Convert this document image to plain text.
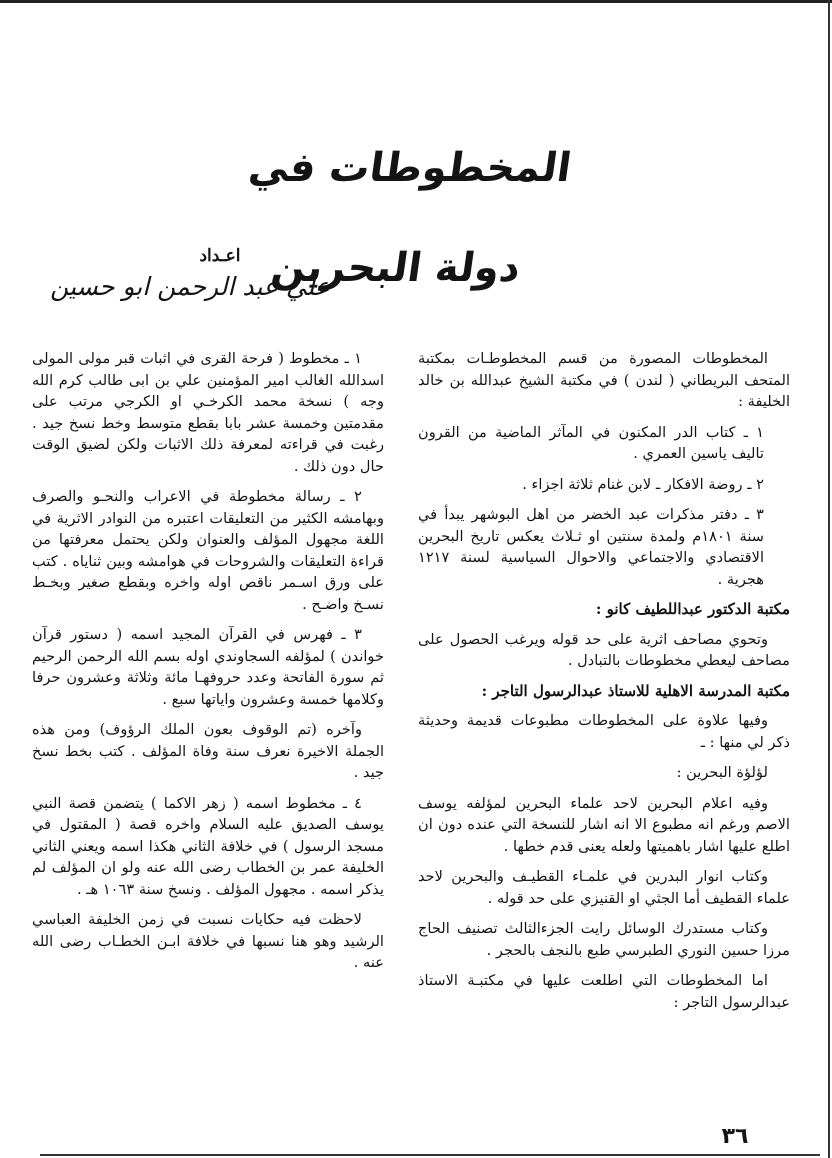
المخطوطات في دولة البحرين
اعـداد
علي عبد الرحمن ابو حسين

المخطوطات المصورة من قسم المخطوطـات بمكتبة المتحف البريطاني ( لندن ) في مكتبة الشيخ عبدالله بن خالد الخليفة :

١ ـ كتاب الدر المكنون في المآثر الماضية من القرون تاليف ياسين العمري .

٢ ـ روضة الافكار ـ لابن غنام ثلاثة اجزاء .

٣ ـ دفتر مذكرات عبد الخضر من اهل البوشهر يبدأ في سنة ١٨٠١م ولمدة سنتين او ثـلاث يعكس تاريخ البحرين الاقتصادي والاجتماعي والاحوال السياسية لسنة ١٢١٧ هجرية .

مكتبة الدكتور عبداللطيف كانو :

وتحوي مصاحف اثرية على حد قوله ويرغب الحصول على مصاحف ليعطي مخطوطات بالتبادل .

مكتبة المدرسة الاهلية للاستاذ عبدالرسول التاجر :

وفيها علاوة على المخطوطات مطبوعات قديمة وحديثة ذكر لي منها : ـ

لؤلؤة البحرين :

وفيه اعلام البحرين لاحد علماء البحرين لمؤلفه يوسف الاصم ورغم انه مطبوع الا انه اشار للنسخة التي عنده دون ان اطلع عليها اشار باهميتها ولعله يعنى قدم خطها .

وكتاب انوار البدرين في علمـاء القطيـف والبحرين لاحد علماء القطيف أما الجثي او القنيزي على حد قوله .

وكتاب مستدرك الوسائل رايت الجزءالثالث تصنيف الحاج مرزا حسين النوري الطبرسي طبع بالنجف بالحجر .

اما المخطوطات التي اطلعت عليها في مكتبـة الاستاذ عبدالرسول التاجر :

١ ـ مخطوط ( فرحة القرى في اثبات قبر مولى المولى اسدالله الغالب امير المؤمنين علي بن ابى طالب كرم الله وجه ) نسخة محمد الكرخـي او الكرجي مرتب على مقدمتين وخمسة عشر بابا بقطع متوسط وخط نسخ جيد . رغبت في قراءته لمعرفة ذلك الاثبات ولكن لضيق الوقت حال دون ذلك .

٢ ـ رسالة مخطوطة في الاعراب والنحـو والصرف وبهامشه الكثير من التعليقات اعتبره من النوادر الاثرية في اللغة مجهول المؤلف والعنوان ولكن يحتمل معرفتها من قراءة التعليقات والشروحات في هوامشه وبين ثناياه . كتب على ورق اسـمر ناقص اوله واخره وبقطع صغير وبخـط نسـخ واضـح .

٣ ـ فهرس في القرآن المجيد اسمه ( دستور قرآن خواندن ) لمؤلفه السجاوندي اوله بسم الله الرحمن الرحيم ثم سورة الفاتحة وعدد حروفهـا مائة وثلاثة وعشرون حرفا وكلامها خمسة وعشرون واياتها سبع .

وآخره (تم الوقوف بعون الملك الرؤوف) ومن هذه الجملة الاخيرة نعرف سنة وفاة المؤلف . كتب بخط نسخ جيد .

٤ ـ مخطوط اسمه ( زهر الاكما ) يتضمن قصة النبي يوسف الصديق عليه السلام واخره قصة ( المقتول في مسجد الرسول ) في خلافة الثاني هكذا اسمه ويعني الثاني الخليفة عمر بن الخطاب رضى الله عنه ولو ان المؤلف لم يذكر اسمه . مجهول المؤلف . ونسخ سنة ١٠٦٣ هـ .

لاحظت فيه حكايات نسبت في زمن الخليفة العباسي الرشيد وهو هنا نسبها في خلافة ابـن الخطـاب رضى الله عنه .

٣٦
